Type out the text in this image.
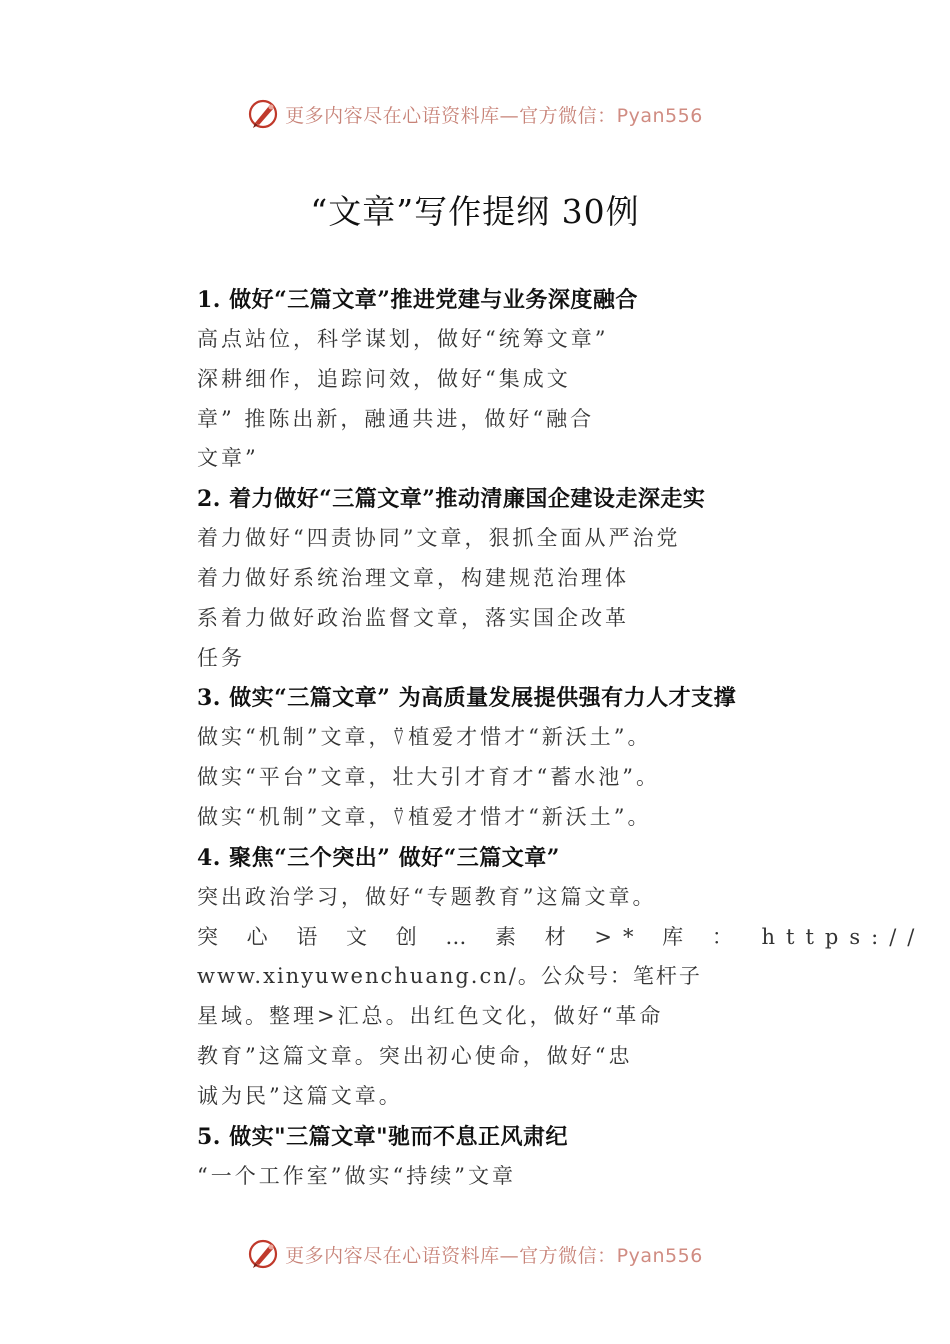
更多内容尽在心语资料库—官方微信：Pyan556
“文章”写作提纲 30例
1. 做好“三篇文章”推进党建与业务深度融合
高点站位，科学谋划，做好“统筹文章”
深耕细作，追踪问效，做好“集成文
章” 推陈出新，融通共进，做好“融合
文章”
2. 着力做好“三篇文章”推动清廉国企建设走深走实
着力做好“四责协同”文章，狠抓全面从严治党
着力做好系统治理文章，构建规范治理体
系着力做好政治监督文章，落实国企改革
任务
3. 做实“三篇文章” 为高质量发展提供强有力人才支撑
做实“机制”文章，⍢植爱才惜才“新沃土”。
做实“平台”文章，壮大引才育才“蓄水池”。
做实“机制”文章，⍢植爱才惜才“新沃土”。
4. 聚焦“三个突出” 做好“三篇文章”
突出政治学习，做好“专题教育”这篇文章。
突 心 语 文 创 … 素 材 >* 库 ： https://
www.xinyuwenchuang.cn/。公众号：笔杆子
星域。整理>汇总。出红色文化，做好“革命
教育”这篇文章。突出初心使命，做好“忠
诚为民”这篇文章。
5. 做实"三篇文章"驰而不息正风肃纪
“一个工作室”做实“持续”文章
更多内容尽在心语资料库—官方微信：Pyan556
